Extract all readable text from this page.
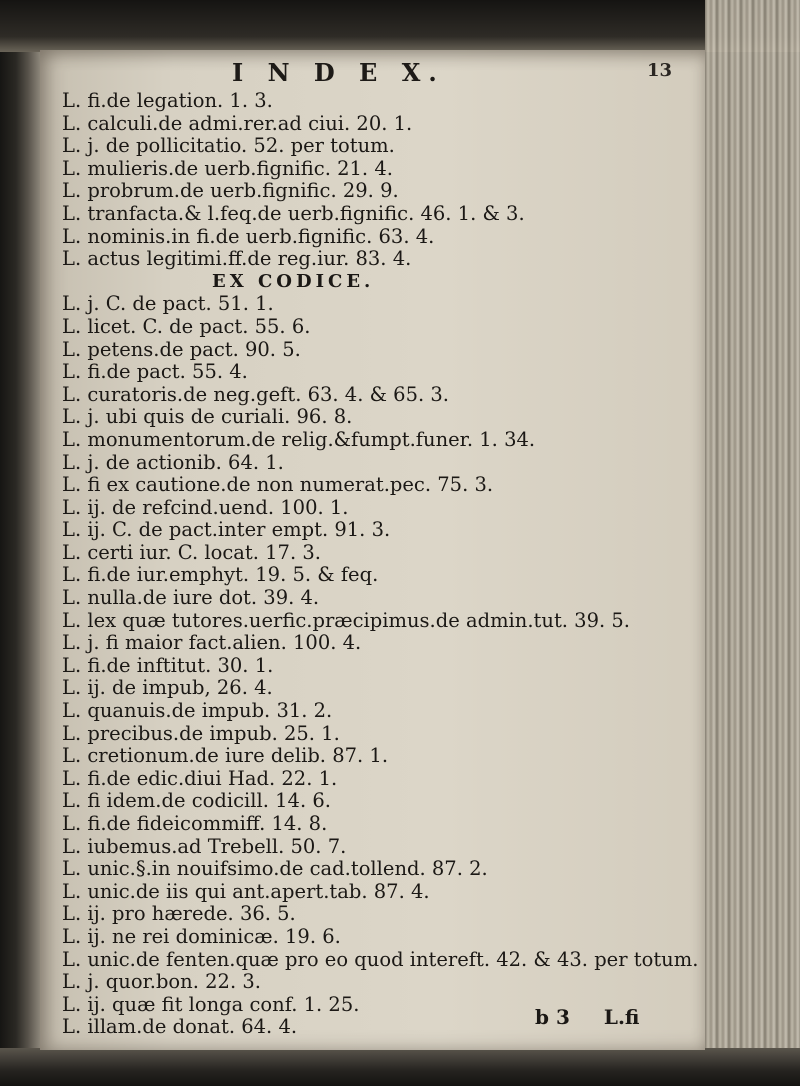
I N D E X.	13
L. fi.de legation. 1. 3.
L. calculi.de admi.rer.ad ciui. 20. 1.
L. j. de pollicitatio. 52. per totum.
L. mulieris.de uerb.fignific. 21. 4.
L. probrum.de uerb.fignific. 29. 9.
L. tranfacta.& l.feq.de uerb.fignific. 46. 1. & 3.
L. nominis.in fi.de uerb.fignific. 63. 4.
L. actus legitimi.ff.de reg.iur. 83. 4.
EX CODICE.
L. j. C. de pact. 51. 1.
L. licet. C. de pact. 55. 6.
L. petens.de pact. 90. 5.
L. fi.de pact. 55. 4.
L. curatoris.de neg.geft. 63. 4. & 65. 3.
L. j. ubi quis de curiali. 96. 8.
L. monumentorum.de relig.&fumpt.funer. 1. 34.
L. j. de actionib. 64. 1.
L. fi ex cautione.de non numerat.pec. 75. 3.
L. ij. de refcind.uend. 100. 1.
L. ij. C. de pact.inter empt. 91. 3.
L. certi iur. C. locat. 17. 3.
L. fi.de iur.emphyt. 19. 5. & feq.
L. nulla.de iure dot. 39. 4.
L. lex quæ tutores.uerfic.præcipimus.de admin.tut. 39. 5.
L. j. fi maior fact.alien. 100. 4.
L. fi.de inftitut. 30. 1.
L. ij. de impub, 26. 4.
L. quanuis.de impub. 31. 2.
L. precibus.de impub. 25. 1.
L. cretionum.de iure delib. 87. 1.
L. fi.de edic.diui Had. 22. 1.
L. fi idem.de codicill. 14. 6.
L. fi.de fideicommiff. 14. 8.
L. iubemus.ad Trebell. 50. 7.
L. unic.§.in nouifsimo.de cad.tollend. 87. 2.
L. unic.de iis qui ant.apert.tab. 87. 4.
L. ij. pro hærede. 36. 5.
L. ij. ne rei dominicæ. 19. 6.
L. unic.de fenten.quæ pro eo quod intereft. 42. & 43. per totum.
L. j. quor.bon. 22. 3.
L. ij. quæ fit longa conf. 1. 25.
L. illam.de donat. 64. 4.	b 3 L.fi
